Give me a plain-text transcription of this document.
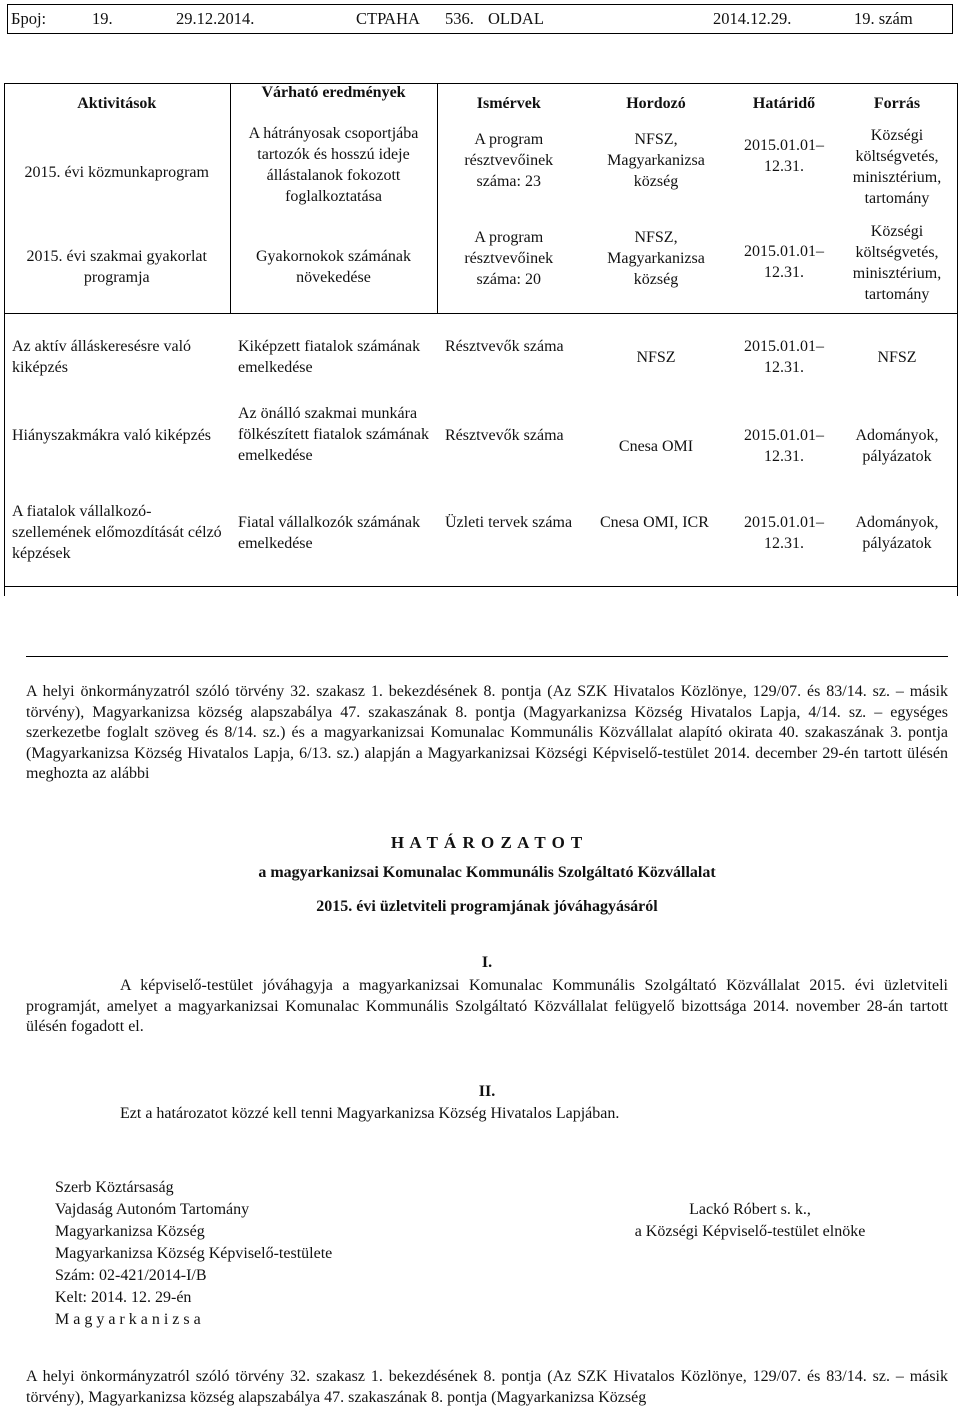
Број:	19.	29.12.2014.	СТРАНА 536. OLDAL	2014.12.29.	19. szám
Aktivitások	Várható eredmények	Ismérvek	Hordozó	Határidő	Forrás
2015. évi közmunkaprogram	A hátrányosak csoportjába tartozók és hosszú ideje állástalanok fokozott foglalkoztatása	A program résztvevőinek száma: 23	NFSZ, Magyarkanizsa község	2015.01.01– 12.31.	Községi költségvetés, minisztérium, tartomány
2015. évi szakmai gyakorlat programja	Gyakornokok számának növekedése	A program résztvevőinek száma: 20	NFSZ, Magyarkanizsa község	2015.01.01– 12.31.	Községi költségvetés, minisztérium, tartomány
Az aktív álláskeresésre való kiképzés	Kiképzett fiatalok számának emelkedése	Résztvevők száma	NFSZ	2015.01.01– 12.31.	NFSZ
Hiányszakmákra való kiképzés	Az önálló szakmai munkára fölkészített fiatalok számának emelkedése	Résztvevők száma	Cnesa OMI	2015.01.01– 12.31.	Adományok, pályázatok
A fiatalok vállalkozó-szellemének előmozdítását célzó képzések	Fiatal vállalkozók számának emelkedése	Üzleti tervek száma	Cnesa OMI, ICR	2015.01.01– 12.31.	Adományok, pályázatok
A helyi önkormányzatról szóló törvény 32. szakasz 1. bekezdésének 8. pontja (Az SZK Hivatalos Közlönye, 129/07. és 83/14. sz. – másik törvény), Magyarkanizsa község alapszabálya 47. szakaszának 8. pontja (Magyarkanizsa Község Hivatalos Lapja, 4/14. sz. – egységes szerkezetbe foglalt szöveg és 8/14. sz.) és a magyarkanizsai Komunalac Kommunális Közvállalat alapító okirata 40. szakaszának 3. pontja (Magyarkanizsa Község Hivatalos Lapja, 6/13. sz.) alapján a Magyarkanizsai Községi Képviselő-testület 2014. december 29-én tartott ülésén meghozta az alábbi
H A T Á R O Z A T O T
a magyarkanizsai Komunalac Kommunális Szolgáltató Közvállalat
2015. évi üzletviteli programjának jóváhagyásáról
I.
A képviselő-testület jóváhagyja a magyarkanizsai Komunalac Kommunális Szolgáltató Közvállalat 2015. évi üzletviteli programját, amelyet a magyarkanizsai Komunalac Kommunális Szolgáltató Közvállalat felügyelő bizottsága 2014. november 28-án tartott ülésén fogadott el.
II.
Ezt a határozatot közzé kell tenni Magyarkanizsa Község Hivatalos Lapjában.
Szerb Köztársaság
Vajdaság Autonóm Tartomány
Magyarkanizsa Község
Magyarkanizsa Község Képviselő-testülete
Szám: 02-421/2014-I/B
Kelt: 2014. 12. 29-én
M a g y a r k a n i z s a
Lackó Róbert s. k.,
a Községi Képviselő-testület elnöke
A helyi önkormányzatról szóló törvény 32. szakasz 1. bekezdésének 8. pontja (Az SZK Hivatalos Közlönye, 129/07. és 83/14. sz. – másik törvény), Magyarkanizsa község alapszabálya 47. szakaszának 8. pontja (Magyarkanizsa Község
